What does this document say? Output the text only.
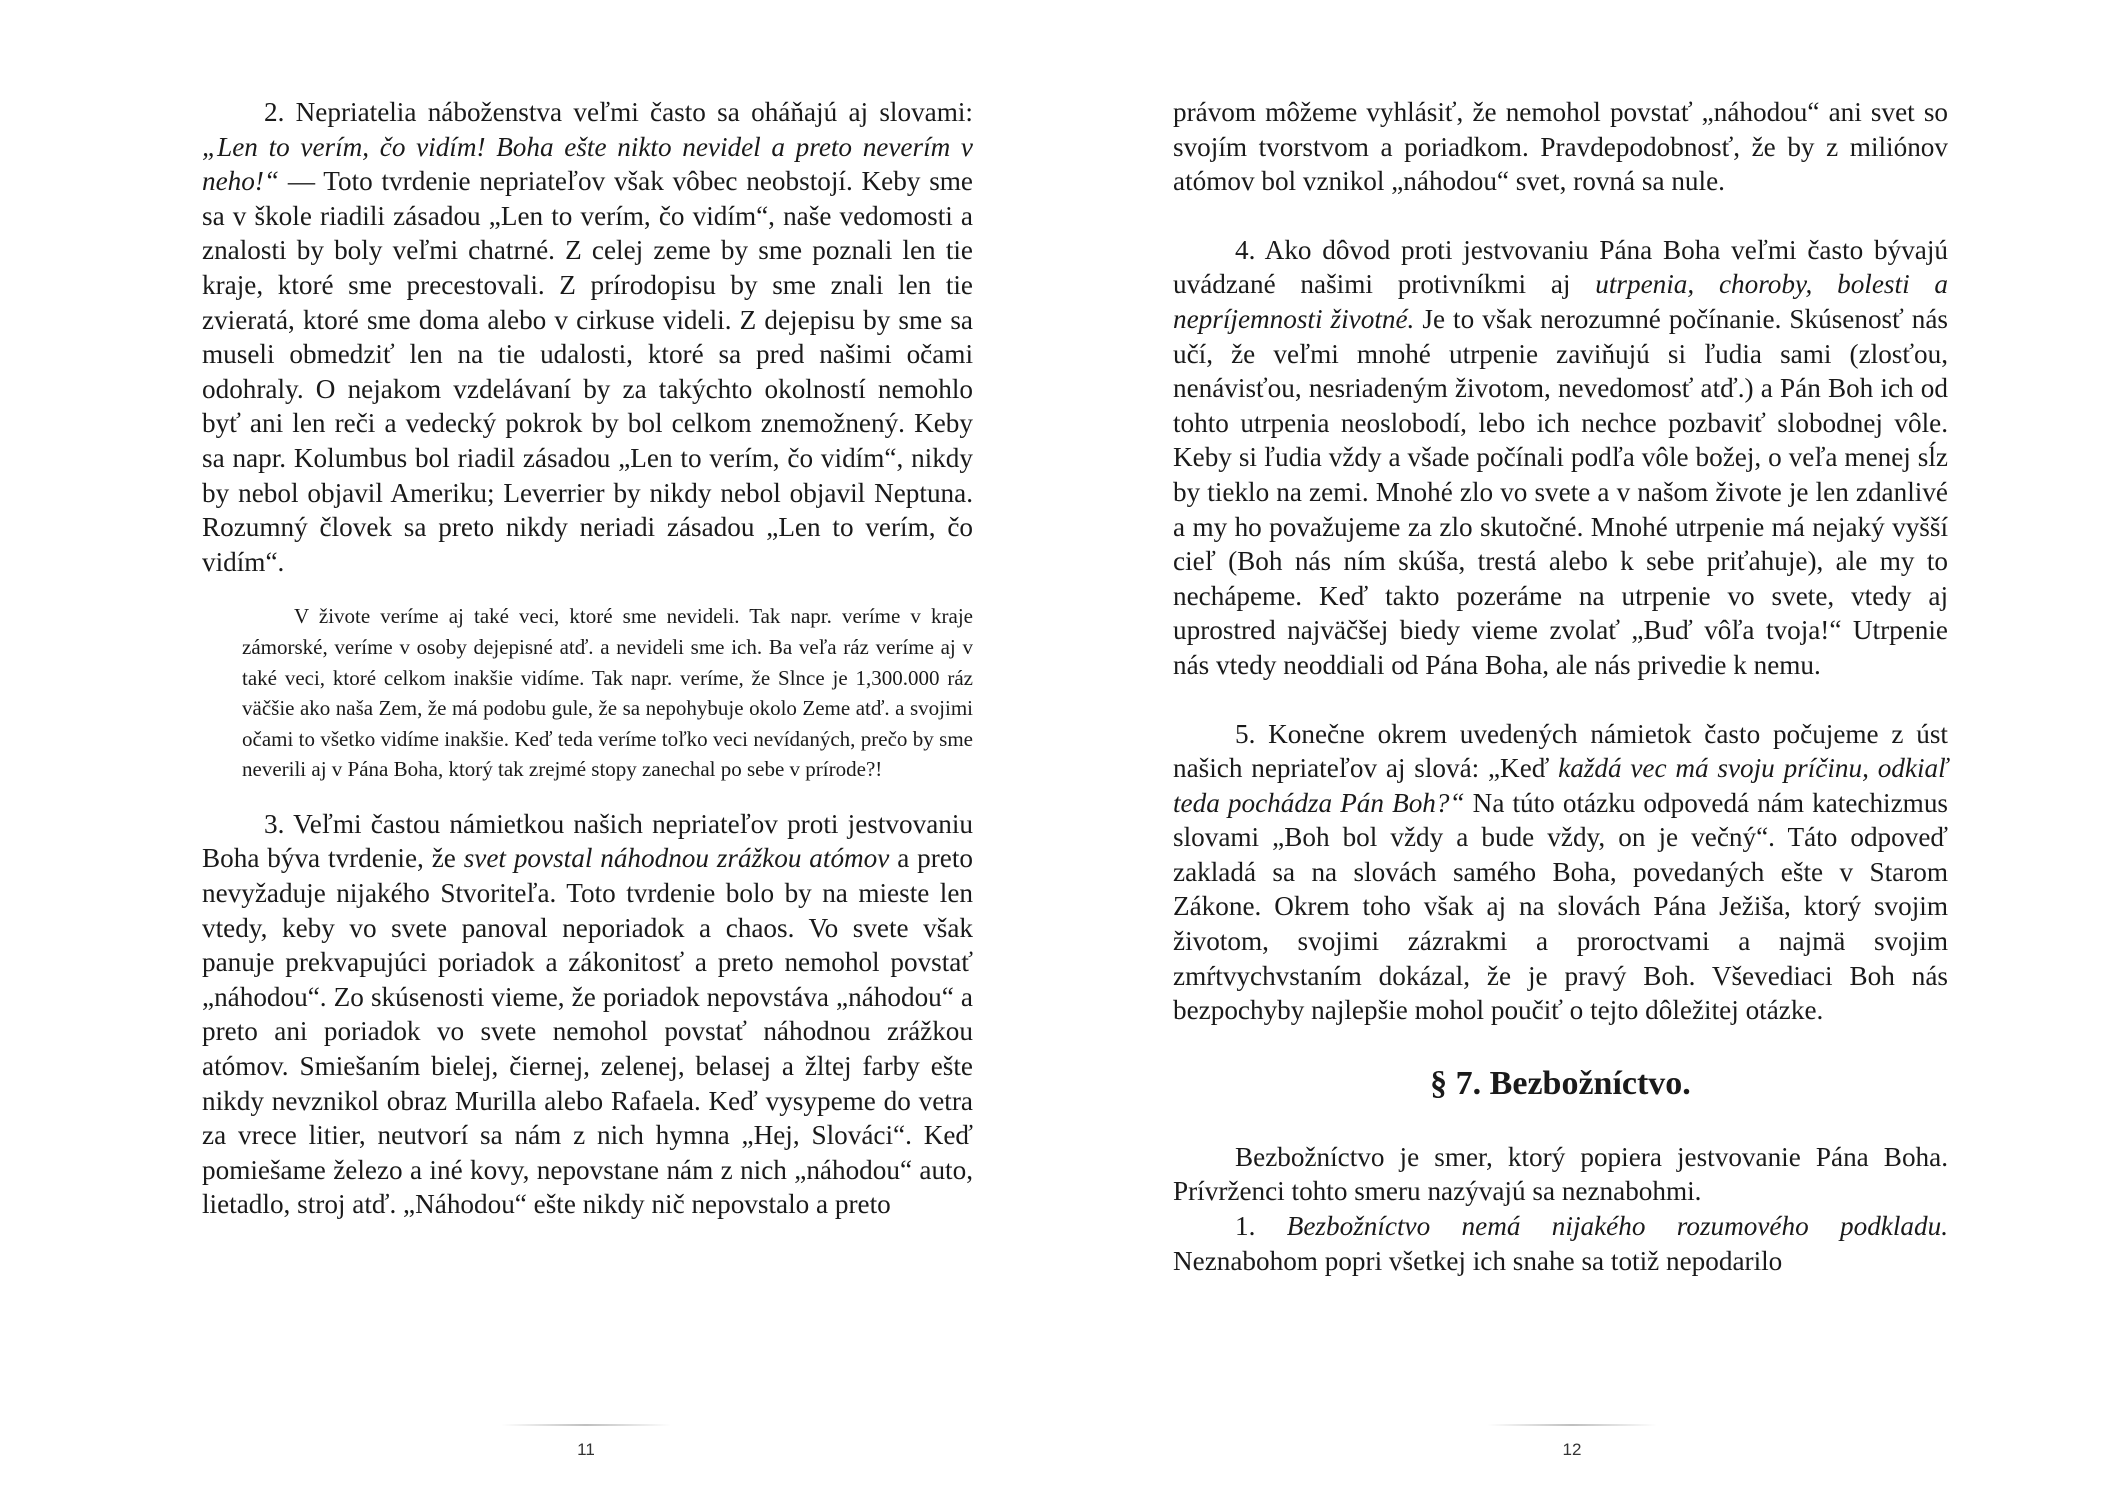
2. Nepriatelia náboženstva veľmi často sa oháňajú aj slovami: „Len to verím, čo vidím! Boha ešte nikto nevidel a preto neverím v neho!“ — Toto tvrdenie nepriateľov však vôbec neobstojí. Keby sme sa v škole riadili zásadou „Len to verím, čo vidím“, naše vedomosti a znalosti by boly veľmi chatrné. Z celej zeme by sme poznali len tie kraje, ktoré sme precestovali. Z prírodopisu by sme znali len tie zvieratá, ktoré sme doma alebo v cirkuse videli. Z dejepisu by sme sa museli obmedziť len na tie udalosti, ktoré sa pred našimi očami odohraly. O nejakom vzdelávaní by za takýchto okolností nemohlo byť ani len reči a vedecký pokrok by bol celkom znemožnený. Keby sa napr. Kolumbus bol riadil zásadou „Len to verím, čo vidím“, nikdy by nebol objavil Ameriku; Leverrier by nikdy nebol objavil Neptuna. Rozumný človek sa preto nikdy neriadi zásadou „Len to verím, čo vidím“.

V živote veríme aj také veci, ktoré sme nevideli. Tak napr. veríme v kraje zámorské, veríme v osoby dejepisné atď. a nevideli sme ich. Ba veľa ráz veríme aj v také veci, ktoré celkom inakšie vidíme. Tak napr. veríme, že Slnce je 1,300.000 ráz väčšie ako naša Zem, že má podobu gule, že sa nepohybuje okolo Zeme atď. a svojimi očami to všetko vidíme inakšie. Keď teda veríme toľko veci nevídaných, prečo by sme neverili aj v Pána Boha, ktorý tak zrejmé stopy zanechal po sebe v prírode?!

3. Veľmi častou námietkou našich nepriateľov proti jestvovaniu Boha býva tvrdenie, že svet povstal náhodnou zrážkou atómov a preto nevyžaduje nijakého Stvoriteľa. Toto tvrdenie bolo by na mieste len vtedy, keby vo svete panoval neporiadok a chaos. Vo svete však panuje prekvapujúci poriadok a zákonitosť a preto nemohol povstať „náhodou“. Zo skúsenosti vieme, že poriadok nepovstáva „náhodou“ a preto ani poriadok vo svete nemohol povstať náhodnou zrážkou atómov. Smiešaním bielej, čiernej, zelenej, belasej a žltej farby ešte nikdy nevznikol obraz Murilla alebo Rafaela. Keď vysypeme do vetra za vrece litier, neutvorí sa nám z nich hymna „Hej, Slováci“. Keď pomiešame železo a iné kovy, nepovstane nám z nich „náhodou“ auto, lietadlo, stroj atď. „Náhodou“ ešte nikdy nič nepovstalo a preto

11

právom môžeme vyhlásiť, že nemohol povstať „náhodou“ ani svet so svojím tvorstvom a poriadkom. Pravdepodobnosť, že by z miliónov atómov bol vznikol „náhodou“ svet, rovná sa nule.

4. Ako dôvod proti jestvovaniu Pána Boha veľmi často bývajú uvádzané našimi protivníkmi aj utrpenia, choroby, bolesti a nepríjemnosti životné. Je to však nerozumné počínanie. Skúsenosť nás učí, že veľmi mnohé utrpenie zaviňujú si ľudia sami (zlosťou, nenávisťou, nesriadeným životom, nevedomosť atď.) a Pán Boh ich od tohto utrpenia neoslobodí, lebo ich nechce pozbaviť slobodnej vôle. Keby si ľudia vždy a všade počínali podľa vôle božej, o veľa menej sĺz by tieklo na zemi. Mnohé zlo vo svete a v našom živote je len zdanlivé a my ho považujeme za zlo skutočné. Mnohé utrpenie má nejaký vyšší cieľ (Boh nás ním skúša, trestá alebo k sebe priťahuje), ale my to nechápeme. Keď takto pozeráme na utrpenie vo svete, vtedy aj uprostred najväčšej biedy vieme zvolať „Buď vôľa tvoja!“ Utrpenie nás vtedy neoddiali od Pána Boha, ale nás privedie k nemu.

5. Konečne okrem uvedených námietok často počujeme z úst našich nepriateľov aj slová: „Keď každá vec má svoju príčinu, odkiaľ teda pochádza Pán Boh?“ Na túto otázku odpovedá nám katechizmus slovami „Boh bol vždy a bude vždy, on je večný“. Táto odpoveď zakladá sa na slovách samého Boha, povedaných ešte v Starom Zákone. Okrem toho však aj na slovách Pána Ježiša, ktorý svojim životom, svojimi zázrakmi a proroctvami a najmä svojim zmŕtvychvstaním dokázal, že je pravý Boh. Vševediaci Boh nás bezpochyby najlepšie mohol poučiť o tejto dôležitej otázke.

§ 7. Bezbožníctvo.

Bezbožníctvo je smer, ktorý popiera jestvovanie Pána Boha. Prívrženci tohto smeru nazývajú sa neznabohmi.

1. Bezbožníctvo nemá nijakého rozumového podkladu. Neznabohom popri všetkej ich snahe sa totiž nepodarilo

12
